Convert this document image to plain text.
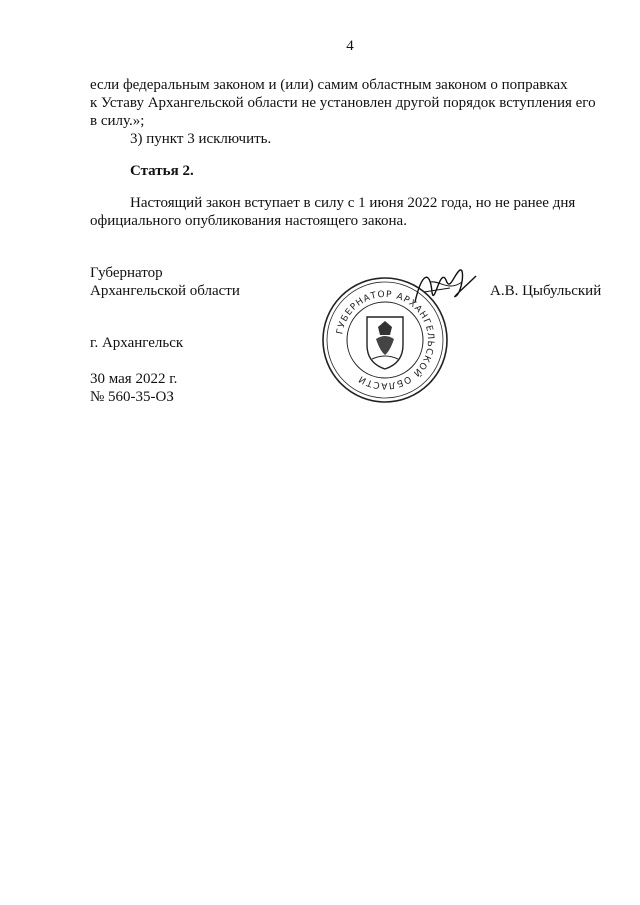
4
если федеральным законом и (или) самим областным законом о поправках
к Уставу Архангельской области не установлен другой порядок вступления его
в силу.»;
3) пункт 3 исключить.
Статья 2.
Настоящий закон вступает в силу с 1 июня 2022 года, но не ранее дня
официального опубликования настоящего закона.
Губернатор
Архангельской области	А.В. Цыбульский
г. Архангельск
30 мая 2022 г.
№ 560-35-ОЗ
ГУБЕРНАТОР АРХАНГЕЛЬСКОЙ ОБЛАСТИ
